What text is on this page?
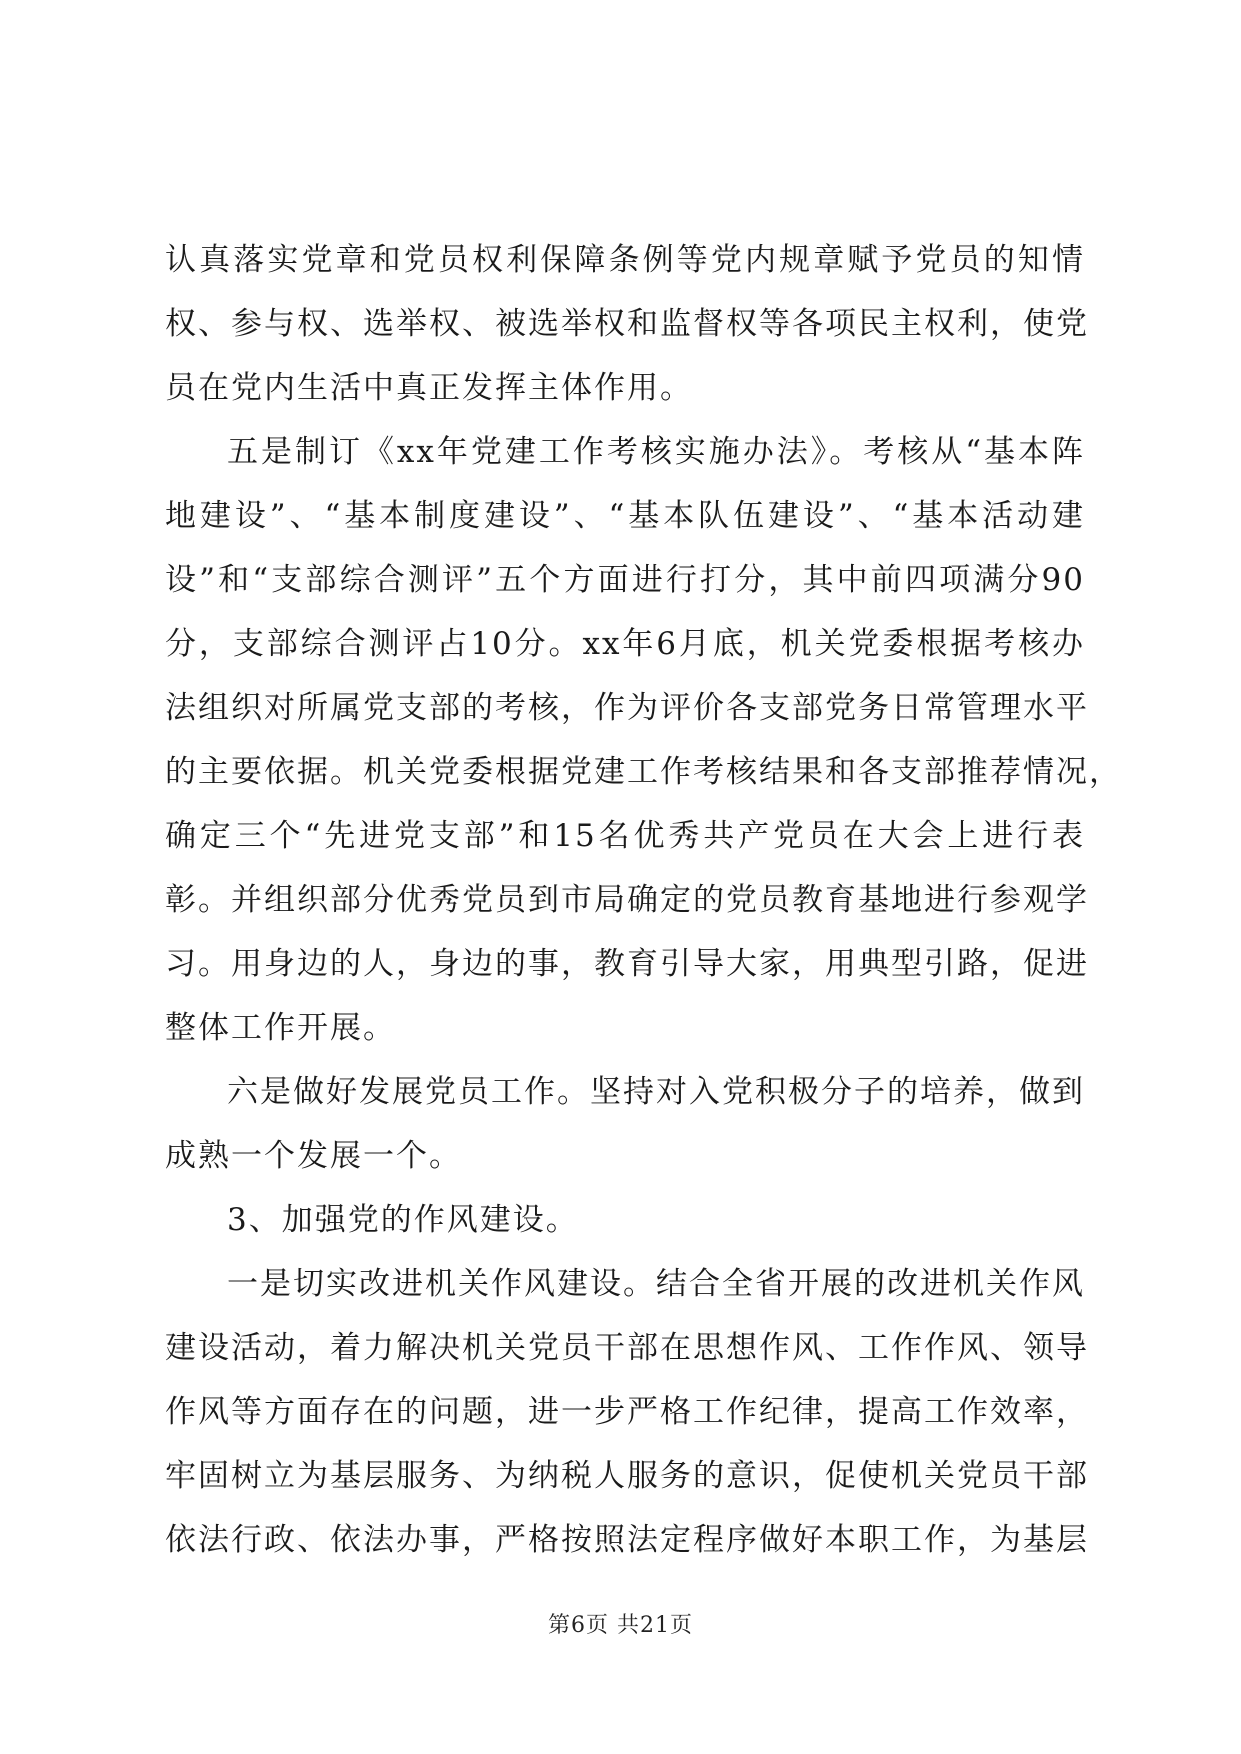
认真落实党章和党员权利保障条例等党内规章赋予党员的知情
权、参与权、选举权、被选举权和监督权等各项民主权利，使党
员在党内生活中真正发挥主体作用。
五是制订《xx年党建工作考核实施办法》。考核从“基本阵
地建设”、“基本制度建设”、“基本队伍建设”、“基本活动建
设”和“支部综合测评”五个方面进行打分，其中前四项满分90
分，支部综合测评占10分。xx年6月底，机关党委根据考核办
法组织对所属党支部的考核，作为评价各支部党务日常管理水平
的主要依据。机关党委根据党建工作考核结果和各支部推荐情况，
确定三个“先进党支部”和15名优秀共产党员在大会上进行表
彰。并组织部分优秀党员到市局确定的党员教育基地进行参观学
习。用身边的人，身边的事，教育引导大家，用典型引路，促进
整体工作开展。
六是做好发展党员工作。坚持对入党积极分子的培养，做到
成熟一个发展一个。
3、加强党的作风建设。
一是切实改进机关作风建设。结合全省开展的改进机关作风
建设活动，着力解决机关党员干部在思想作风、工作作风、领导
作风等方面存在的问题，进一步严格工作纪律，提高工作效率，
牢固树立为基层服务、为纳税人服务的意识，促使机关党员干部
依法行政、依法办事，严格按照法定程序做好本职工作，为基层
第6页 共21页
